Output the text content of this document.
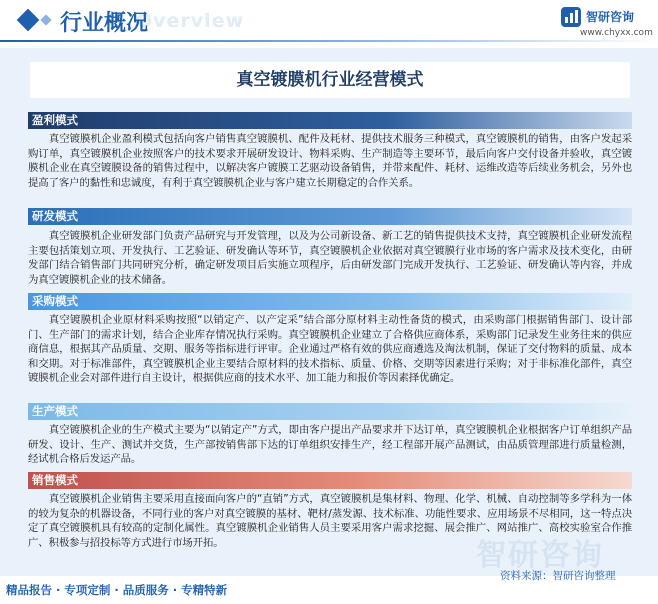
Overview
行业概况	智研咨询
www.chyxx.com
真空镀膜机行业经营模式
盈利模式
真空镀膜机企业盈利模式包括向客户销售真空镀膜机、配件及耗材、提供技术服务三种模式，真空镀膜机的销售，由客户发起采购订单，真空镀膜机企业按照客户的技术要求开展研发设计、物料采购、生产制造等主要环节，最后向客户交付设备并验收，真空镀膜机企业在真空镀膜设备的销售过程中，以解决客户镀膜工艺驱动设备销售，并带来配件、耗材、运维改造等后续业务机会，另外也提高了客户的黏性和忠诚度，有利于真空镀膜机企业与客户建立长期稳定的合作关系。
研发模式
真空镀膜机企业研发部门负责产品研究与开发管理，以及为公司新设备、新工艺的销售提供技术支持，真空镀膜机企业研发流程主要包括策划立项、开发执行、工艺验证、研发确认等环节，真空镀膜机企业依据对真空镀膜行业市场的客户需求及技术变化，由研发部门结合销售部门共同研究分析，确定研发项目后实施立项程序，后由研发部门完成开发执行、工艺验证、研发确认等内容，并成为真空镀膜机企业的技术储备。
采购模式
真空镀膜机企业原材料采购按照“以销定产、以产定采”结合部分原材料主动性备货的模式，由采购部门根据销售部门、设计部门、生产部门的需求计划，结合企业库存情况执行采购。真空镀膜机企业建立了合格供应商体系，采购部门记录发生业务往来的供应商信息，根据其产品质量、交期、服务等指标进行评审。企业通过严格有效的供应商遴选及淘汰机制，保证了交付物料的质量、成本和交期。对于标准部件，真空镀膜机企业主要结合原材料的技术指标、质量、价格、交期等因素进行采购；对于非标准化部件，真空镀膜机企业会对部件进行自主设计，根据供应商的技术水平、加工能力和报价等因素择优确定。
生产模式
真空镀膜机企业的生产模式主要为“以销定产”方式，即由客户提出产品要求并下达订单，真空镀膜机企业根据客户订单组织产品研发、设计、生产、测试并交货，生产部按销售部下达的订单组织安排生产，经工程部开展产品测试，由品质管理部进行质量检测，经试机合格后发运产品。
销售模式
真空镀膜机企业销售主要采用直接面向客户的“直销”方式，真空镀膜机是集材料、物理、化学、机械、自动控制等多学科为一体的较为复杂的机器设备，不同行业的客户对真空镀膜的基材、靶材/蒸发源、技术标准、功能性要求、应用场景不尽相同，这一特点决定了真空镀膜机具有较高的定制化属性。真空镀膜机企业销售人员主要采用客户需求挖掘、展会推广、网站推广、高校实验室合作推广、积极参与招投标等方式进行市场开拓。	智研咨询
精品报告 · 专项定制 · 品质服务 · 专精特新
资料来源：智研咨询整理
